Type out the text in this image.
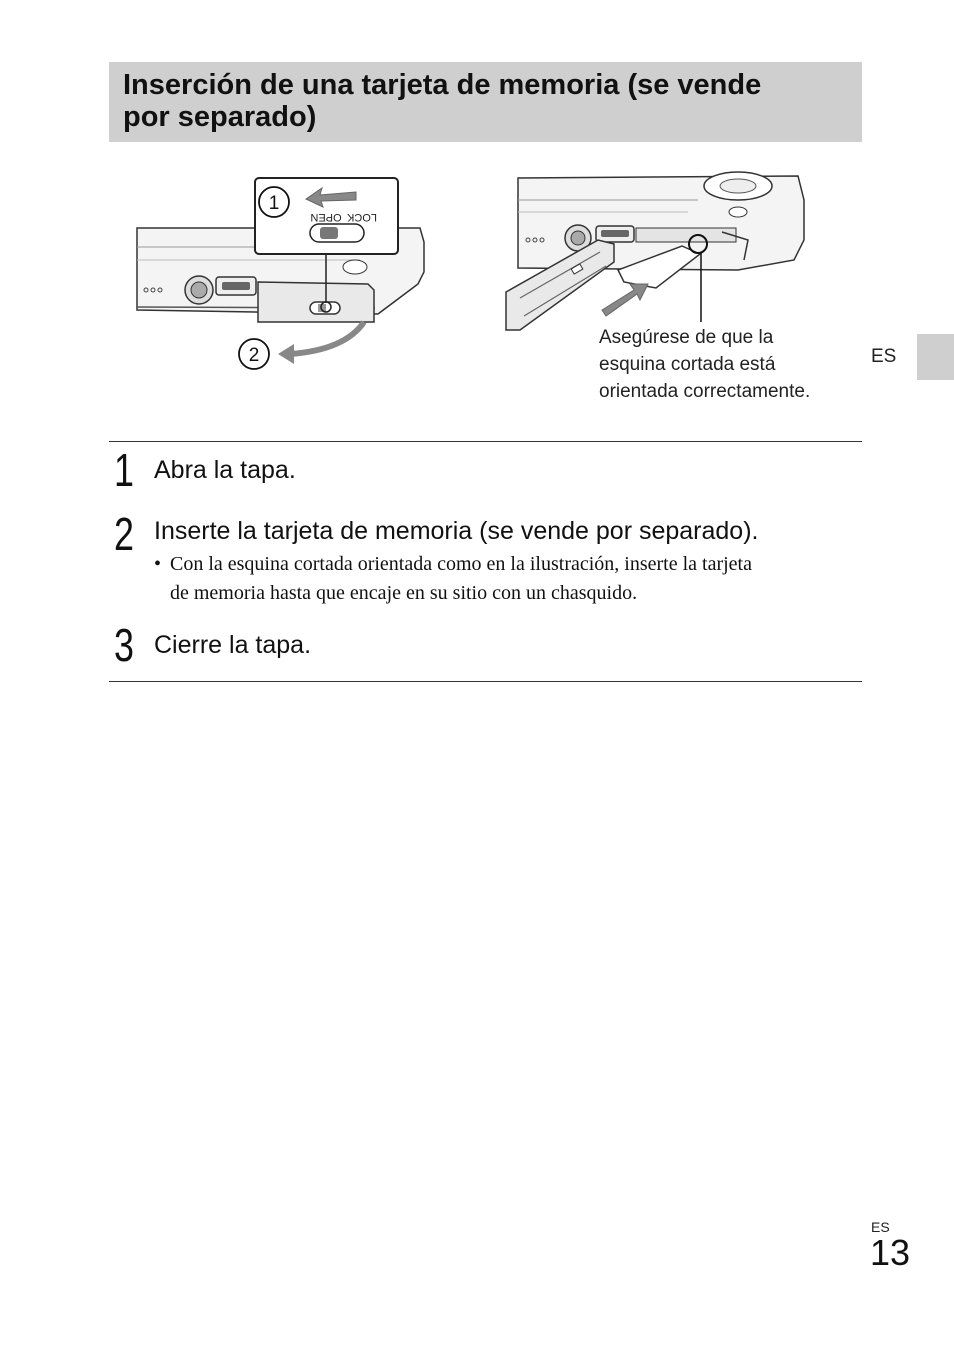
Inserción de una tarjeta de memoria (se vende
por separado)
OPEN LOCK
1
2
Asegúrese de que la
esquina cortada está
orientada correctamente.
ES
1 Abra la tapa.
2 Inserte la tarjeta de memoria (se vende por separado).
• Con la esquina cortada orientada como en la ilustración, inserte la tarjeta
de memoria hasta que encaje en su sitio con un chasquido.
3 Cierre la tapa.
ES
13
